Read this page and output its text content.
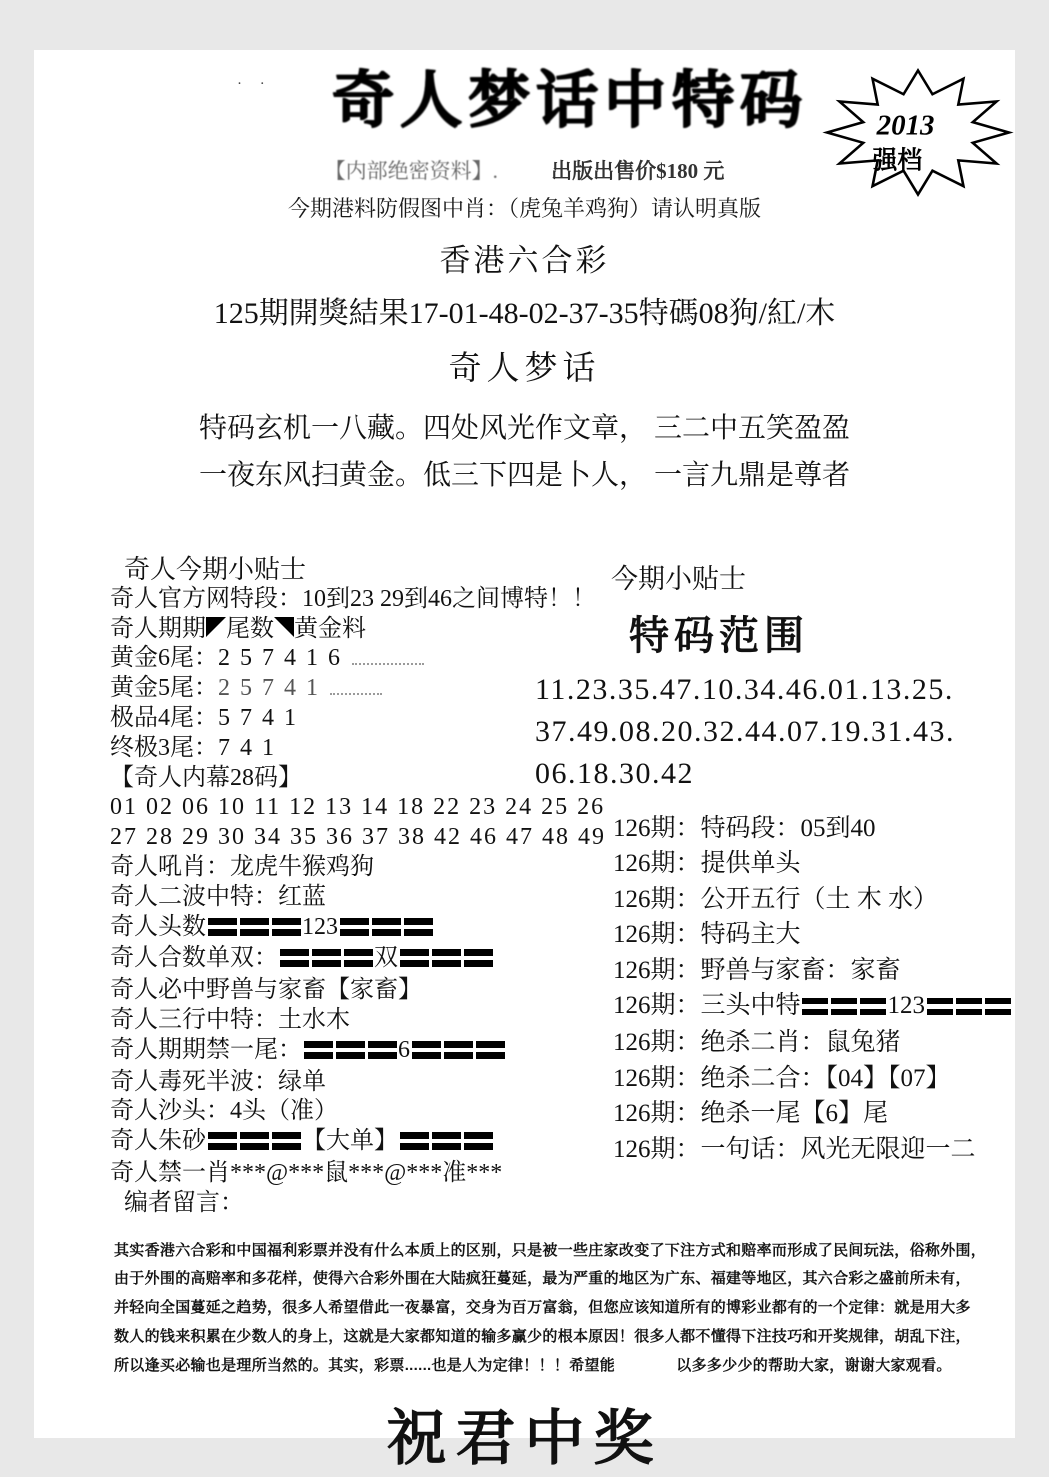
· ·
2013
强档
奇人梦话中特码
【内部绝密资料】.	出版出售价$180 元
今期港料防假图中肖：（虎兔羊鸡狗）请认明真版
香港六合彩
125期開獎結果17-01-48-02-37-35特碼08狗/紅/木
奇人梦话
特码玄机一八藏。四处风光作文章， 三二中五笑盈盈
一夜东风扫黄金。低三下四是卜人， 一言九鼎是尊者
奇人今期小贴士
奇人官方网特段：10到23 29到46之间博特！！
奇人期期 尾数 黄金料
黄金6尾：2 5 7 4 1 6
黄金5尾：2 5 7 4 1
极品4尾：5 7 4 1
终极3尾：7 4 1
【奇人内幕28码】
01 02 06 10 11 12 13 14 18 22 23 24 25 26
27 28 29 30 34 35 36 37 38 42 46 47 48 49
奇人吼肖：龙虎牛猴鸡狗
奇人二波中特：红蓝
奇人头数	123
奇人合数单双：	双
奇人必中野兽与家畜【家畜】
奇人三行中特：土水木
奇人期期禁一尾：	6
奇人毒死半波：绿单
奇人沙头：4头（准）
奇人朱砂	【大单】
奇人禁一肖***@***鼠***@***准***
编者留言：
今期小贴士
特码范围
11.23.35.47.10.34.46.01.13.25.
37.49.08.20.32.44.07.19.31.43.
06.18.30.42
126期：特码段：05到40
126期：提供单头
126期：公开五行（土 木 水）
126期：特码主大
126期：野兽与家畜：家畜
126期：三头中特	123
126期：绝杀二肖：鼠兔猪
126期：绝杀二合：【04】【07】
126期：绝杀一尾【6】尾
126期：一句话：风光无限迎一二
其实香港六合彩和中国福利彩票并没有什么本质上的区别，只是被一些庄家改变了下注方式和赔率而形成了民间玩法，俗称外围，
由于外围的高赔率和多花样，使得六合彩外围在大陆疯狂蔓延，最为严重的地区为广东、福建等地区，其六合彩之盛前所未有，
并轻向全国蔓延之趋势，很多人希望借此一夜暴富，交身为百万富翁，但您应该知道所有的博彩业都有的一个定律：就是用大多
数人的钱来积累在少数人的身上，这就是大家都知道的输多赢少的根本原因！很多人都不懂得下注技巧和开奖规律，胡乱下注，
所以逢买必输也是理所当然的。其实，彩票......也是人为定律！！！希望能　　　　以多多少少的帮助大家，谢谢大家观看。
祝君中奖
